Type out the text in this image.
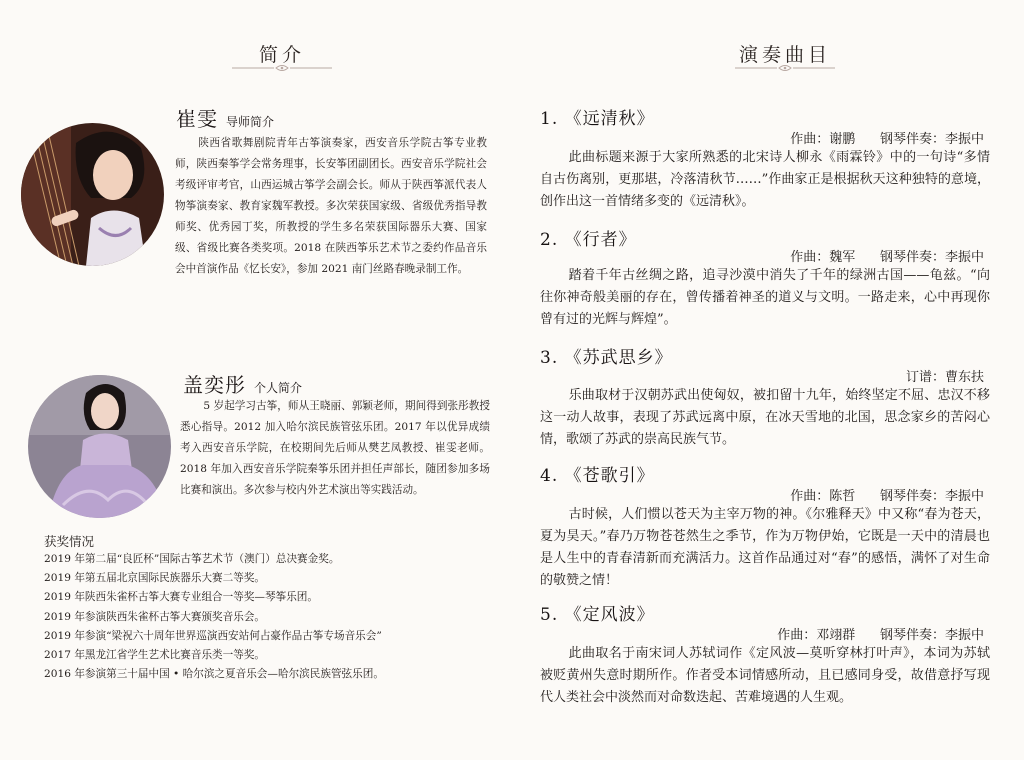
简介
崔雯 导师简介
陕西省歌舞剧院青年古筝演奏家，西安音乐学院古筝专业教师，陕西秦筝学会常务理事，长安筝团副团长。西安音乐学院社会考级评审考官，山西运城古筝学会副会长。师从于陕西筝派代表人物筝演奏家、教育家魏军教授。多次荣获国家级、省级优秀指导教师奖、优秀园丁奖，所教授的学生多名荣获国际器乐大赛、国家级、省级比赛各类奖项。2018 在陕西筝乐艺术节之委约作品音乐会中首演作品《忆长安》，参加 2021 南门丝路春晚录制工作。
盖奕彤 个人简介
5 岁起学习古筝，师从王晓丽、郭颖老师，期间得到张彤教授悉心指导。2012 加入哈尔滨民族管弦乐团。2017 年以优异成绩考入西安音乐学院，在校期间先后师从樊艺凤教授、崔雯老师。2018 年加入西安音乐学院秦筝乐团并担任声部长，随团参加多场比赛和演出。多次参与校内外艺术演出等实践活动。
获奖情况
2019 年第二届“良匠杯”国际古筝艺术节（澳门）总决赛金奖。
2019 年第五届北京国际民族器乐大赛二等奖。
2019 年陕西朱雀杯古筝大赛专业组合一等奖—琴筝乐团。
2019 年参演陕西朱雀杯古筝大赛颁奖音乐会。
2019 年参演“梁祝六十周年世界巡演西安站何占豪作品古筝专场音乐会”
2017 年黑龙江省学生艺术比赛音乐类一等奖。
2016 年参演第三十届中国 • 哈尔滨之夏音乐会—哈尔滨民族管弦乐团。
演奏曲目
1. 《远清秋》
作曲：谢鹏      钢琴伴奏：李振中
此曲标题来源于大家所熟悉的北宋诗人柳永《雨霖铃》中的一句诗“多情自古伤离别，更那堪，冷落清秋节……”作曲家正是根据秋天这种独特的意境，创作出这一首情绪多变的《远清秋》。
2. 《行者》
作曲：魏军      钢琴伴奏：李振中
踏着千年古丝绸之路，追寻沙漠中消失了千年的绿洲古国——龟兹。“向往你神奇般美丽的存在，曾传播着神圣的道义与文明。一路走来，心中再现你曾有过的光辉与辉煌”。
3. 《苏武思乡》
订谱：曹东扶
乐曲取材于汉朝苏武出使匈奴，被扣留十九年，始终坚定不屈、忠汉不移这一动人故事，表现了苏武远离中原，在冰天雪地的北国，思念家乡的苦闷心情，歌颂了苏武的崇高民族气节。
4. 《苍歌引》
作曲：陈哲      钢琴伴奏：李振中
古时候，人们惯以苍天为主宰万物的神。《尔雅释天》中又称“春为苍天，夏为昊天。”春乃万物苍苍然生之季节，作为万物伊始，它既是一天中的清晨也是人生中的青春清新而充满活力。这首作品通过对“春”的感悟，满怀了对生命的敬赞之情！
5. 《定风波》
作曲：邓翊群      钢琴伴奏：李振中
此曲取名于南宋词人苏轼词作《定风波—莫听穿林打叶声》，本词为苏轼被贬黄州失意时期所作。作者受本词情感所动，且已感同身受，故借意抒写现代人类社会中淡然而对命数迭起、苦难境遇的人生观。
